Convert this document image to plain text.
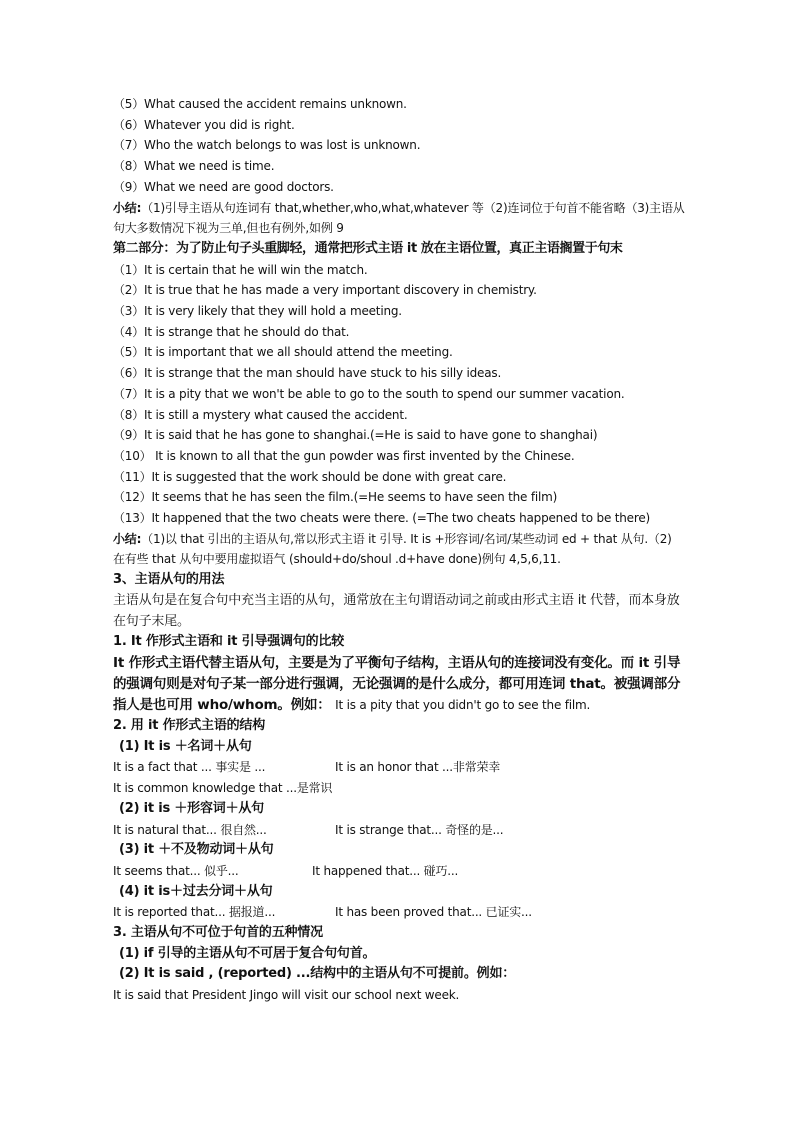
（5）What caused the accident remains unknown.
（6）Whatever you did is right.
（7）Who the watch belongs to was lost is unknown.
（8）What we need is time.
（9）What we need are good doctors.
小结:（1)引导主语从句连词有 that,whether,who,what,whatever 等（2)连词位于句首不能省略（3)主语从句大多数情况下视为三单,但也有例外,如例 9
第二部分：为了防止句子头重脚轻，通常把形式主语 it 放在主语位置，真正主语搁置于句末
（1）It is certain that he will win the match.
（2）It is true that he has made a very important discovery in chemistry.
（3）It is very likely that they will hold a meeting.
（4）It is strange that he should do that.
（5）It is important that we all should attend the meeting.
（6）It is strange that the man should have stuck to his silly ideas.
（7）It is a pity that we won't be able to go to the south to spend our summer vacation.
（8）It is still a mystery what caused the accident.
（9）It is said that he has gone to shanghai.(=He is said to have gone to shanghai)
（10） It is known to all that the gun powder was first invented by the Chinese.
（11）It is suggested that the work should be done with great care.
（12）It seems that he has seen the film.(=He seems to have seen the film)
（13）It happened that the two cheats were there. (=The two cheats happened to be there)
小结:（1)以 that 引出的主语从句,常以形式主语 it 引导. It is +形容词/名词/某些动词 ed + that 从句.（2) 在有些 that 从句中要用虚拟语气 (should+do/shoul .d+have done)例句 4,5,6,11.
3、主语从句的用法
主语从句是在复合句中充当主语的从句，通常放在主句谓语动词之前或由形式主语 it 代替，而本身放在句子末尾。
1. It 作形式主语和 it 引导强调句的比较
It 作形式主语代替主语从句，主要是为了平衡句子结构，主语从句的连接词没有变化。而 it 引导的强调句则是对句子某一部分进行强调，无论强调的是什么成分，都可用连词 that。被强调部分指人是也可用 who/whom。例如： It is a pity that you didn't go to see the film.
2. 用 it 作形式主语的结构
(1) It is ＋名词＋从句
It is a fact that ... 事实是 ...	It is an honor that ...非常荣幸
It is common knowledge that ...是常识
(2) it is ＋形容词＋从句
It is natural that... 很自然...	It is strange that... 奇怪的是...
(3) it ＋不及物动词＋从句
It seems that... 似乎...	It happened that... 碰巧...
(4) it is＋过去分词＋从句
It is reported that... 据报道...	It has been proved that... 已证实...
3. 主语从句不可位于句首的五种情况
(1) if 引导的主语从句不可居于复合句句首。
(2) It is said , (reported) ...结构中的主语从句不可提前。例如：
It is said that President Jingo will visit our school next week.
